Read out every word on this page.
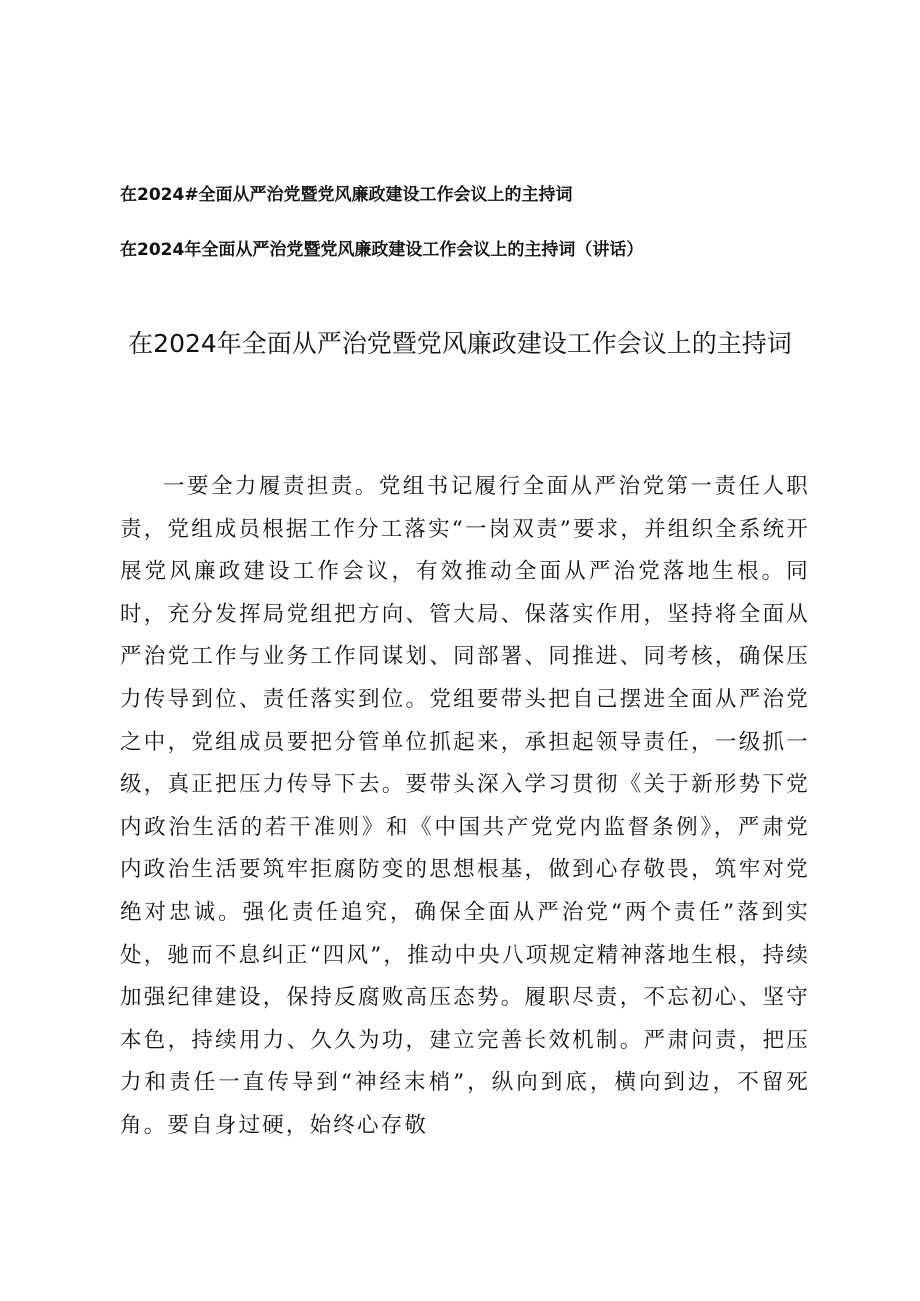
在2024#全面从严治党暨党风廉政建设工作会议上的主持词
在2024年全面从严治党暨党风廉政建设工作会议上的主持词（讲话）
在2024年全面从严治党暨党风廉政建设工作会议上的主持词

一要全力履责担责。党组书记履行全面从严治党第一责任人职责，党组成员根据工作分工落实“一岗双责”要求，并组织全系统开展党风廉政建设工作会议，有效推动全面从严治党落地生根。同时，充分发挥局党组把方向、管大局、保落实作用，坚持将全面从严治党工作与业务工作同谋划、同部署、同推进、同考核，确保压力传导到位、责任落实到位。党组要带头把自己摆进全面从严治党之中，党组成员要把分管单位抓起来，承担起领导责任，一级抓一级，真正把压力传导下去。要带头深入学习贯彻《关于新形势下党内政治生活的若干准则》和《中国共产党党内监督条例》，严肃党内政治生活要筑牢拒腐防变的思想根基，做到心存敬畏，筑牢对党绝对忠诚。强化责任追究，确保全面从严治党“两个责任”落到实处，驰而不息纠正“四风”，推动中央八项规定精神落地生根，持续加强纪律建设，保持反腐败高压态势。履职尽责，不忘初心、坚守本色，持续用力、久久为功，建立完善长效机制。严肃问责，把压力和责任一直传导到“神经末梢”，纵向到底，横向到边，不留死角。要自身过硬，始终心存敬
